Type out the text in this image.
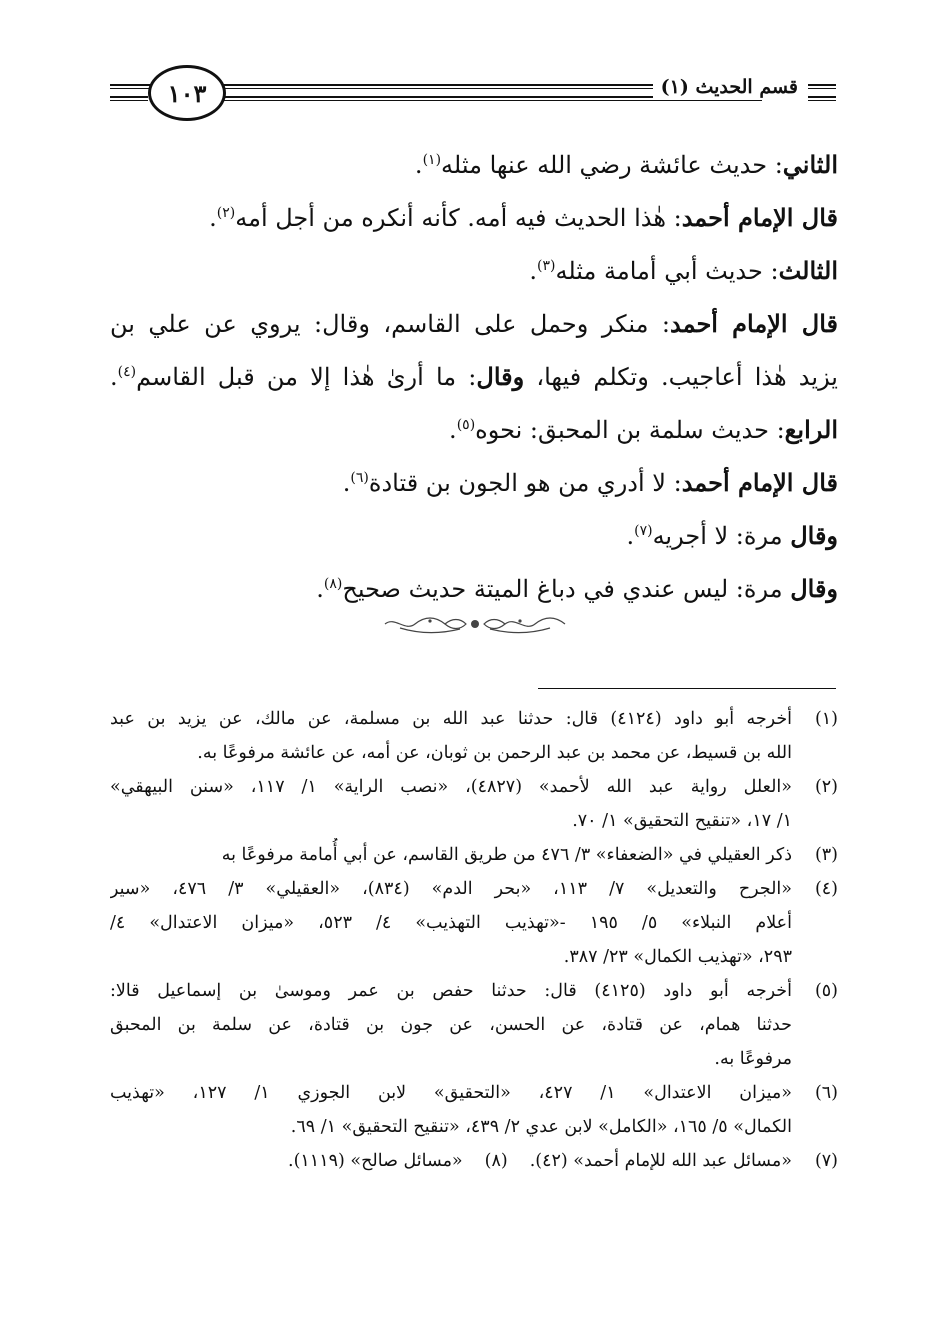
١٠٣	قسم الحديث (١)
الثاني: حديث عائشة رضي الله عنها مثله$^{(١)}$.
قال الإمام أحمد: هٰذا الحديث فيه أمه. كأنه أنكره من أجل أمه$^{(٢)}$.
الثالث: حديث أبي أمامة مثله$^{(٣)}$.
قال الإمام أحمد: منكر وحمل على القاسم، وقال: يروي عن علي بن
يزيد هٰذا أعاجيب. وتكلم فيها، وقال: ما أرىٰ هٰذا إلا من قبل القاسم$^{(٤)}$.
الرابع: حديث سلمة بن المحبق: نحوه$^{(٥)}$.
قال الإمام أحمد: لا أدري من هو الجون بن قتادة$^{(٦)}$.
وقال مرة: لا أجريه$^{(٧)}$.
وقال مرة: ليس عندي في دباغ الميتة حديث صحيح$^{(٨)}$.
(١)
أخرجه أبو داود (٤١٢٤) قال: حدثنا عبد الله بن مسلمة، عن مالك، عن يزيد بن عبد
الله بن قسيط، عن محمد بن عبد الرحمن بن ثوبان، عن أمه، عن عائشة مرفوعًا به.
(٢)
«العلل رواية عبد الله لأحمد» (٤٨٢٧)، «نصب الراية» ١/ ١١٧، «سنن البيهقي»
١/ ١٧، «تنقيح التحقيق» ١/ ٧٠.
(٣)
ذكر العقيلي في «الضعفاء» ٣/ ٤٧٦ من طريق القاسم، عن أبي أُمامة مرفوعًا به
(٤)
«الجرح والتعديل» ٧/ ١١٣، «بحر الدم» (٨٣٤)، «العقيلي» ٣/ ٤٧٦، «سير
أعلام النبلاء» ٥/ ١٩٥ -«تهذيب التهذيب» ٤/ ٥٢٣، «ميزان الاعتدال» ٤/
٢٩٣، «تهذيب الكمال» ٢٣/ ٣٨٧.
(٥)
أخرجه أبو داود (٤١٢٥) قال: حدثنا حفص بن عمر وموسىٰ بن إسماعيل قالا:
حدثنا همام، عن قتادة، عن الحسن، عن جون بن قتادة، عن سلمة بن المحبق
مرفوعًا به.
(٦)
«ميزان الاعتدال» ١/ ٤٢٧، «التحقيق» لابن الجوزي ١/ ١٢٧، «تهذيب
الكمال» ٥/ ١٦٥، «الكامل» لابن عدي ٢/ ٤٣٩، «تنقيح التحقيق» ١/ ٦٩.
(٧)
«مسائل عبد الله للإمام أحمد» (٤٢).(٨)«مسائل صالح» (١١١٩).
